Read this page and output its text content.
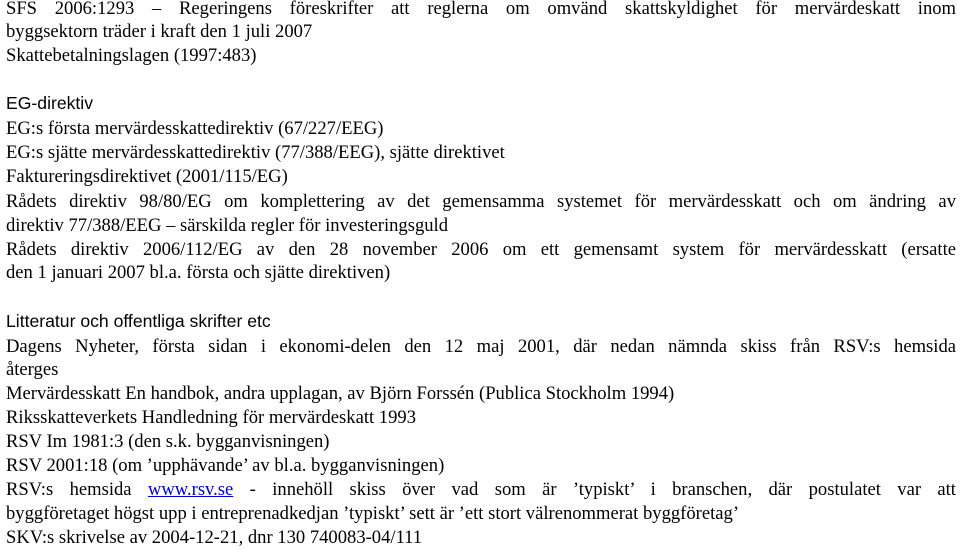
SFS 2006:1293 – Regeringens föreskrifter att reglerna om omvänd skattskyldighet för mervärdeskatt inom

byggsektorn träder i kraft den 1 juli 2007

Skattebetalningslagen (1997:483)

EG-direktiv

EG:s första mervärdesskattedirektiv (67/227/EEG)

EG:s sjätte mervärdesskattedirektiv (77/388/EEG), sjätte direktivet

Faktureringsdirektivet (2001/115/EG)

Rådets direktiv 98/80/EG om komplettering av det gemensamma systemet för mervärdesskatt och om ändring av

direktiv 77/388/EEG – särskilda regler för investeringsguld

Rådets direktiv 2006/112/EG av den 28 november 2006 om ett gemensamt system för mervärdesskatt (ersatte

den 1 januari 2007 bl.a. första och sjätte direktiven)

Litteratur och offentliga skrifter etc

Dagens Nyheter, första sidan i ekonomi-delen den 12 maj 2001, där nedan nämnda skiss från RSV:s hemsida

återges

Mervärdesskatt En handbok, andra upplagan, av Björn Forssén (Publica Stockholm 1994)

Riksskatteverkets Handledning för mervärdeskatt 1993

RSV Im 1981:3 (den s.k. bygganvisningen)

RSV 2001:18 (om ’upphävande’ av bl.a. bygganvisningen)

RSV:s hemsida www.rsv.se - innehöll skiss över vad som är ’typiskt’ i branschen, där postulatet var att

byggföretaget högst upp i entreprenadkedjan ’typiskt’ sett är ’ett stort välrenommerat byggföretag’

SKV:s skrivelse av 2004-12-21, dnr 130 740083-04/111
